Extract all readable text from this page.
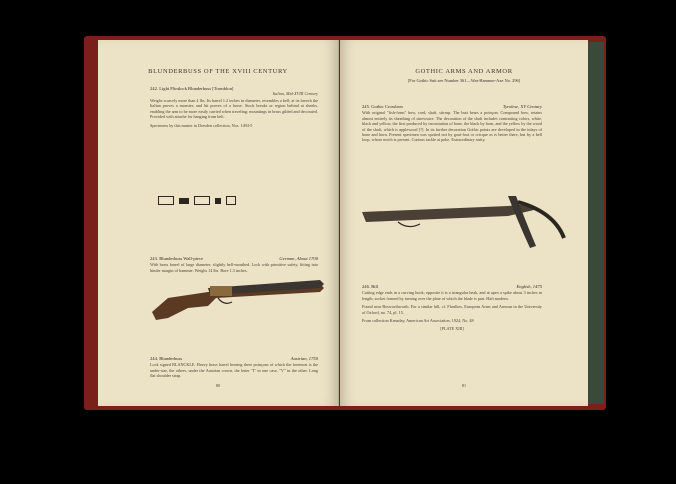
BLUNDERBUSS OF THE XVIII CENTURY
242. Light Flintlock Blunderbuss [Tromblon]
Italian, Mid-XVIII Century
Weighs scarcely more than 4 lbs. Its barrel 1.2 inches in diameter, resembles a bell; at its breech the Italian proves a monster, and bit proves of a horse. Stock breaks or region behind at sheeks, enabling the arm to be more easily carried when traveling; mountings in brass gilded and decorated. Provided with attache for hanging from belt.
Specimens by this master in Dresden collection, Nos. 1494-5
243. Blunderbuss Wall-piece	German, About 1700
With brass barrel of large diameter, slightly bell-mouthed. Lock with primitive safety, fitting into hinder margin of hammer. Weighs 14 lbs. Bore 1.3 inches.
244. Blunderbuss	Austrian, 1750
Lock signed BLANCKLE. Heavy brass barrel bearing three poinçons of which the foremost is the under-star, the others, under the Austrian crown, the letter "I" in one case, "V" in the other. Long flat shoulder strap.
80
GOTHIC ARMS AND ARMOR
[For Gothic Suit see Number 361—War-Hammer-Axe No. 296]
245. Gothic Crossbow	Tyrolese, XV Century
With original "fish-form" bow, cord, shaft, stirrup. The butt bears a poinçon. Compound bow, retains almost entirely its sheathing of sinewwire. The decoration of the shaft includes contrasting colors, white, black and yellow, the first produced by incrustation of bone, the black by horn, and the yellow by the wood of the shaft, which is applewood [?]. In its further decoration Gothic points are developed in the inlays of bone and horn. Present specimen was spotted not by goat-foot or cricque as is better there, but by a bell loop, whose notch is present. Curious tackle at poke. Extraordinary rarity.
246. Bill	English, 1475
Cutting edge ends in a curving hook; opposite it is a triangular beak, and at apex a spike about 3 inches in length; socket formed by turning over the plate of which the blade is part. Haft modern.
Found near Bosworthworth. For a similar bill, cf. Ffoulkes, European Arms and Armour in the University of Oxford, no. 74, pl. 15.
From collection Kenaday, American Art Association, 1924, No. 48
[PLATE XIII]
81
